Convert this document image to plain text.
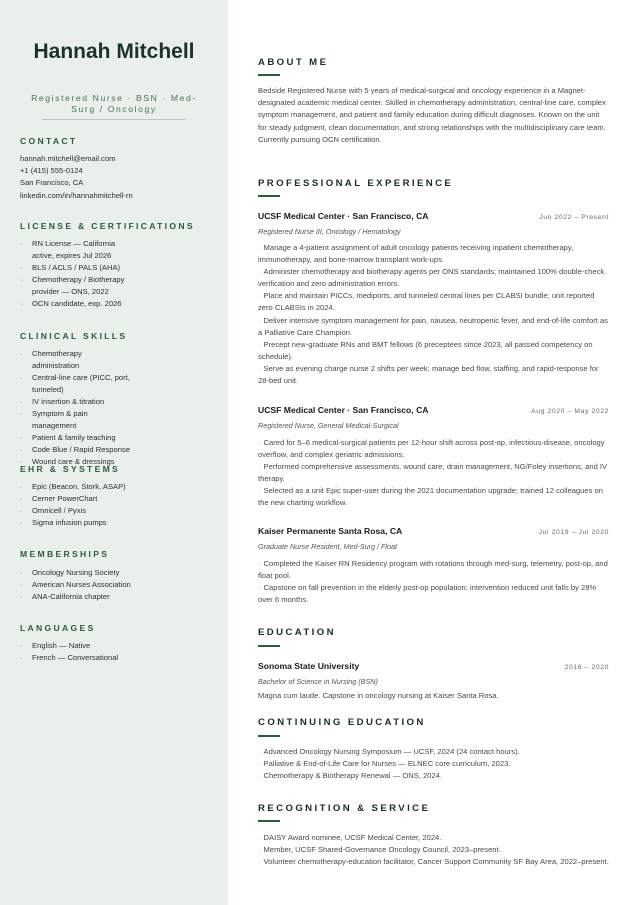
Hannah Mitchell
Registered Nurse · BSN · Med-Surg / Oncology
CONTACT
hannah.mitchell@email.com
+1 (415) 555-0124
San Francisco, CA
linkedin.com/in/hannahmitchell-rn
LICENSE & CERTIFICATIONS
· RN License — California active, expires Jul 2026
· BLS / ACLS / PALS (AHA)
· Chemotherapy / Biotherapy provider — ONS, 2022
· OCN candidate, exp. 2026
CLINICAL SKILLS
· Chemotherapy administration
· Central-line care (PICC, port, tunneled)
· IV insertion & titration
· Symptom & pain management
· Patient & family teaching
· Code Blue / Rapid Response
· Wound care & dressings
EHR & SYSTEMS
· Epic (Beacon, Stork, ASAP)
· Cerner PowerChart
· Omnicell / Pyxis
· Sigma infusion pumps
MEMBERSHIPS
· Oncology Nursing Society
· American Nurses Association
· ANA-California chapter
LANGUAGES
· English — Native
· French — Conversational
ABOUT ME
Bedside Registered Nurse with 5 years of medical-surgical and oncology experience in a Magnet-designated academic medical center. Skilled in chemotherapy administration, central-line care, complex symptom management, and patient and family education during difficult diagnoses. Known on the unit for steady judgment, clean documentation, and strong relationships with the multidisciplinary care team. Currently pursuing OCN certification.
PROFESSIONAL EXPERIENCE
UCSF Medical Center · San Francisco, CA	Jun 2022 – Present
Registered Nurse III, Oncology / Hematology
· Manage a 4-patient assignment of adult oncology patients receiving inpatient chemotherapy, immunotherapy, and bone-marrow transplant work-ups.
· Administer chemotherapy and biotherapy agents per ONS standards; maintained 100% double-check verification and zero administration errors.
· Place and maintain PICCs, mediports, and tunneled central lines per CLABSI bundle; unit reported zero CLABSIs in 2024.
· Deliver intensive symptom management for pain, nausea, neutropenic fever, and end-of-life comfort as a Palliative Care Champion.
· Precept new-graduate RNs and BMT fellows (6 preceptees since 2023, all passed competency on schedule).
· Serve as evening charge nurse 2 shifts per week; manage bed flow, staffing, and rapid-response for 28-bed unit.
UCSF Medical Center · San Francisco, CA	Aug 2020 – May 2022
Registered Nurse, General Medical-Surgical
· Cared for 5–6 medical-surgical patients per 12-hour shift across post-op, infectious-disease, oncology overflow, and complex geriatric admissions.
· Performed comprehensive assessments, wound care, drain management, NG/Foley insertions, and IV therapy.
· Selected as a unit Epic super-user during the 2021 documentation upgrade; trained 12 colleagues on the new charting workflow.
Kaiser Permanente Santa Rosa, CA	Jul 2019 – Jul 2020
Graduate Nurse Resident, Med-Surg / Float
· Completed the Kaiser RN Residency program with rotations through med-surg, telemetry, post-op, and float pool.
· Capstone on fall prevention in the elderly post-op population; intervention reduced unit falls by 28% over 6 months.
EDUCATION
Sonoma State University	2016 – 2020
Bachelor of Science in Nursing (BSN)
Magna cum laude. Capstone in oncology nursing at Kaiser Santa Rosa.
CONTINUING EDUCATION
· Advanced Oncology Nursing Symposium — UCSF, 2024 (24 contact hours).
· Palliative & End-of-Life Care for Nurses — ELNEC core curriculum, 2023.
· Chemotherapy & Biotherapy Renewal — ONS, 2024.
RECOGNITION & SERVICE
· DAISY Award nominee, UCSF Medical Center, 2024.
· Member, UCSF Shared-Governance Oncology Council, 2023–present.
· Volunteer chemotherapy-education facilitator, Cancer Support Community SF Bay Area, 2022–present.
